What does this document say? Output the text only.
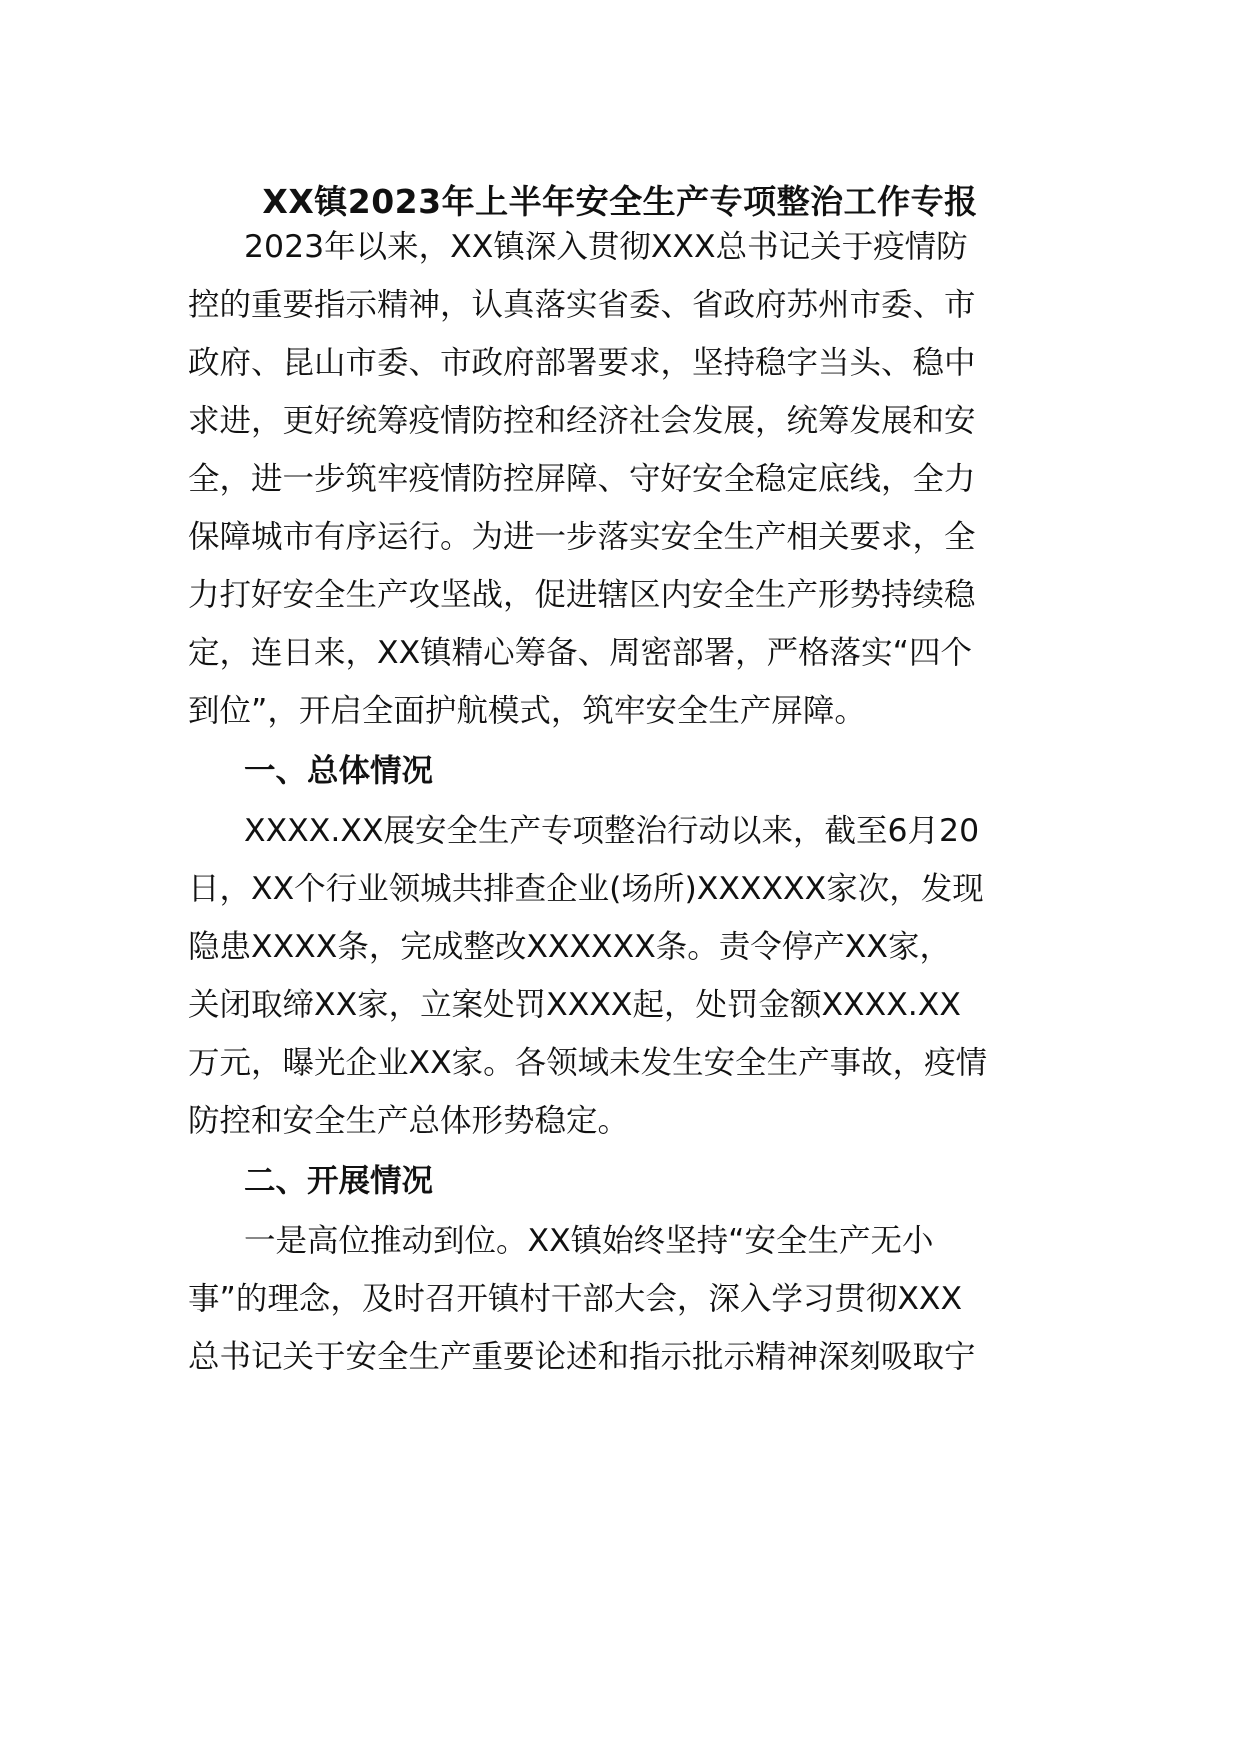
XX镇2023年上半年安全生产专项整治工作专报
2023年以来，XX镇深入贯彻XXX总书记关于疫情防
控的重要指示精神，认真落实省委、省政府苏州市委、市
政府、昆山市委、市政府部署要求，坚持稳字当头、稳中
求进，更好统筹疫情防控和经济社会发展，统筹发展和安
全，进一步筑牢疫情防控屏障、守好安全稳定底线，全力
保障城市有序运行。为进一步落实安全生产相关要求，全
力打好安全生产攻坚战，促进辖区内安全生产形势持续稳
定，连日来，XX镇精心筹备、周密部署，严格落实“四个
到位”，开启全面护航模式，筑牢安全生产屏障。
一、总体情况
XXXX.XX展安全生产专项整治行动以来，截至6月20
日，XX个行业领城共排查企业(场所)XXXXXX家次，发现
隐患XXXX条，完成整改XXXXXX条。责令停产XX家，
关闭取缔XX家，立案处罚XXXX起，处罚金额XXXX.XX
万元，曝光企业XX家。各领域未发生安全生产事故，疫情
防控和安全生产总体形势稳定。
二、开展情况
一是高位推动到位。XX镇始终坚持“安全生产无小
事”的理念，及时召开镇村干部大会，深入学习贯彻XXX
总书记关于安全生产重要论述和指示批示精神深刻吸取宁
